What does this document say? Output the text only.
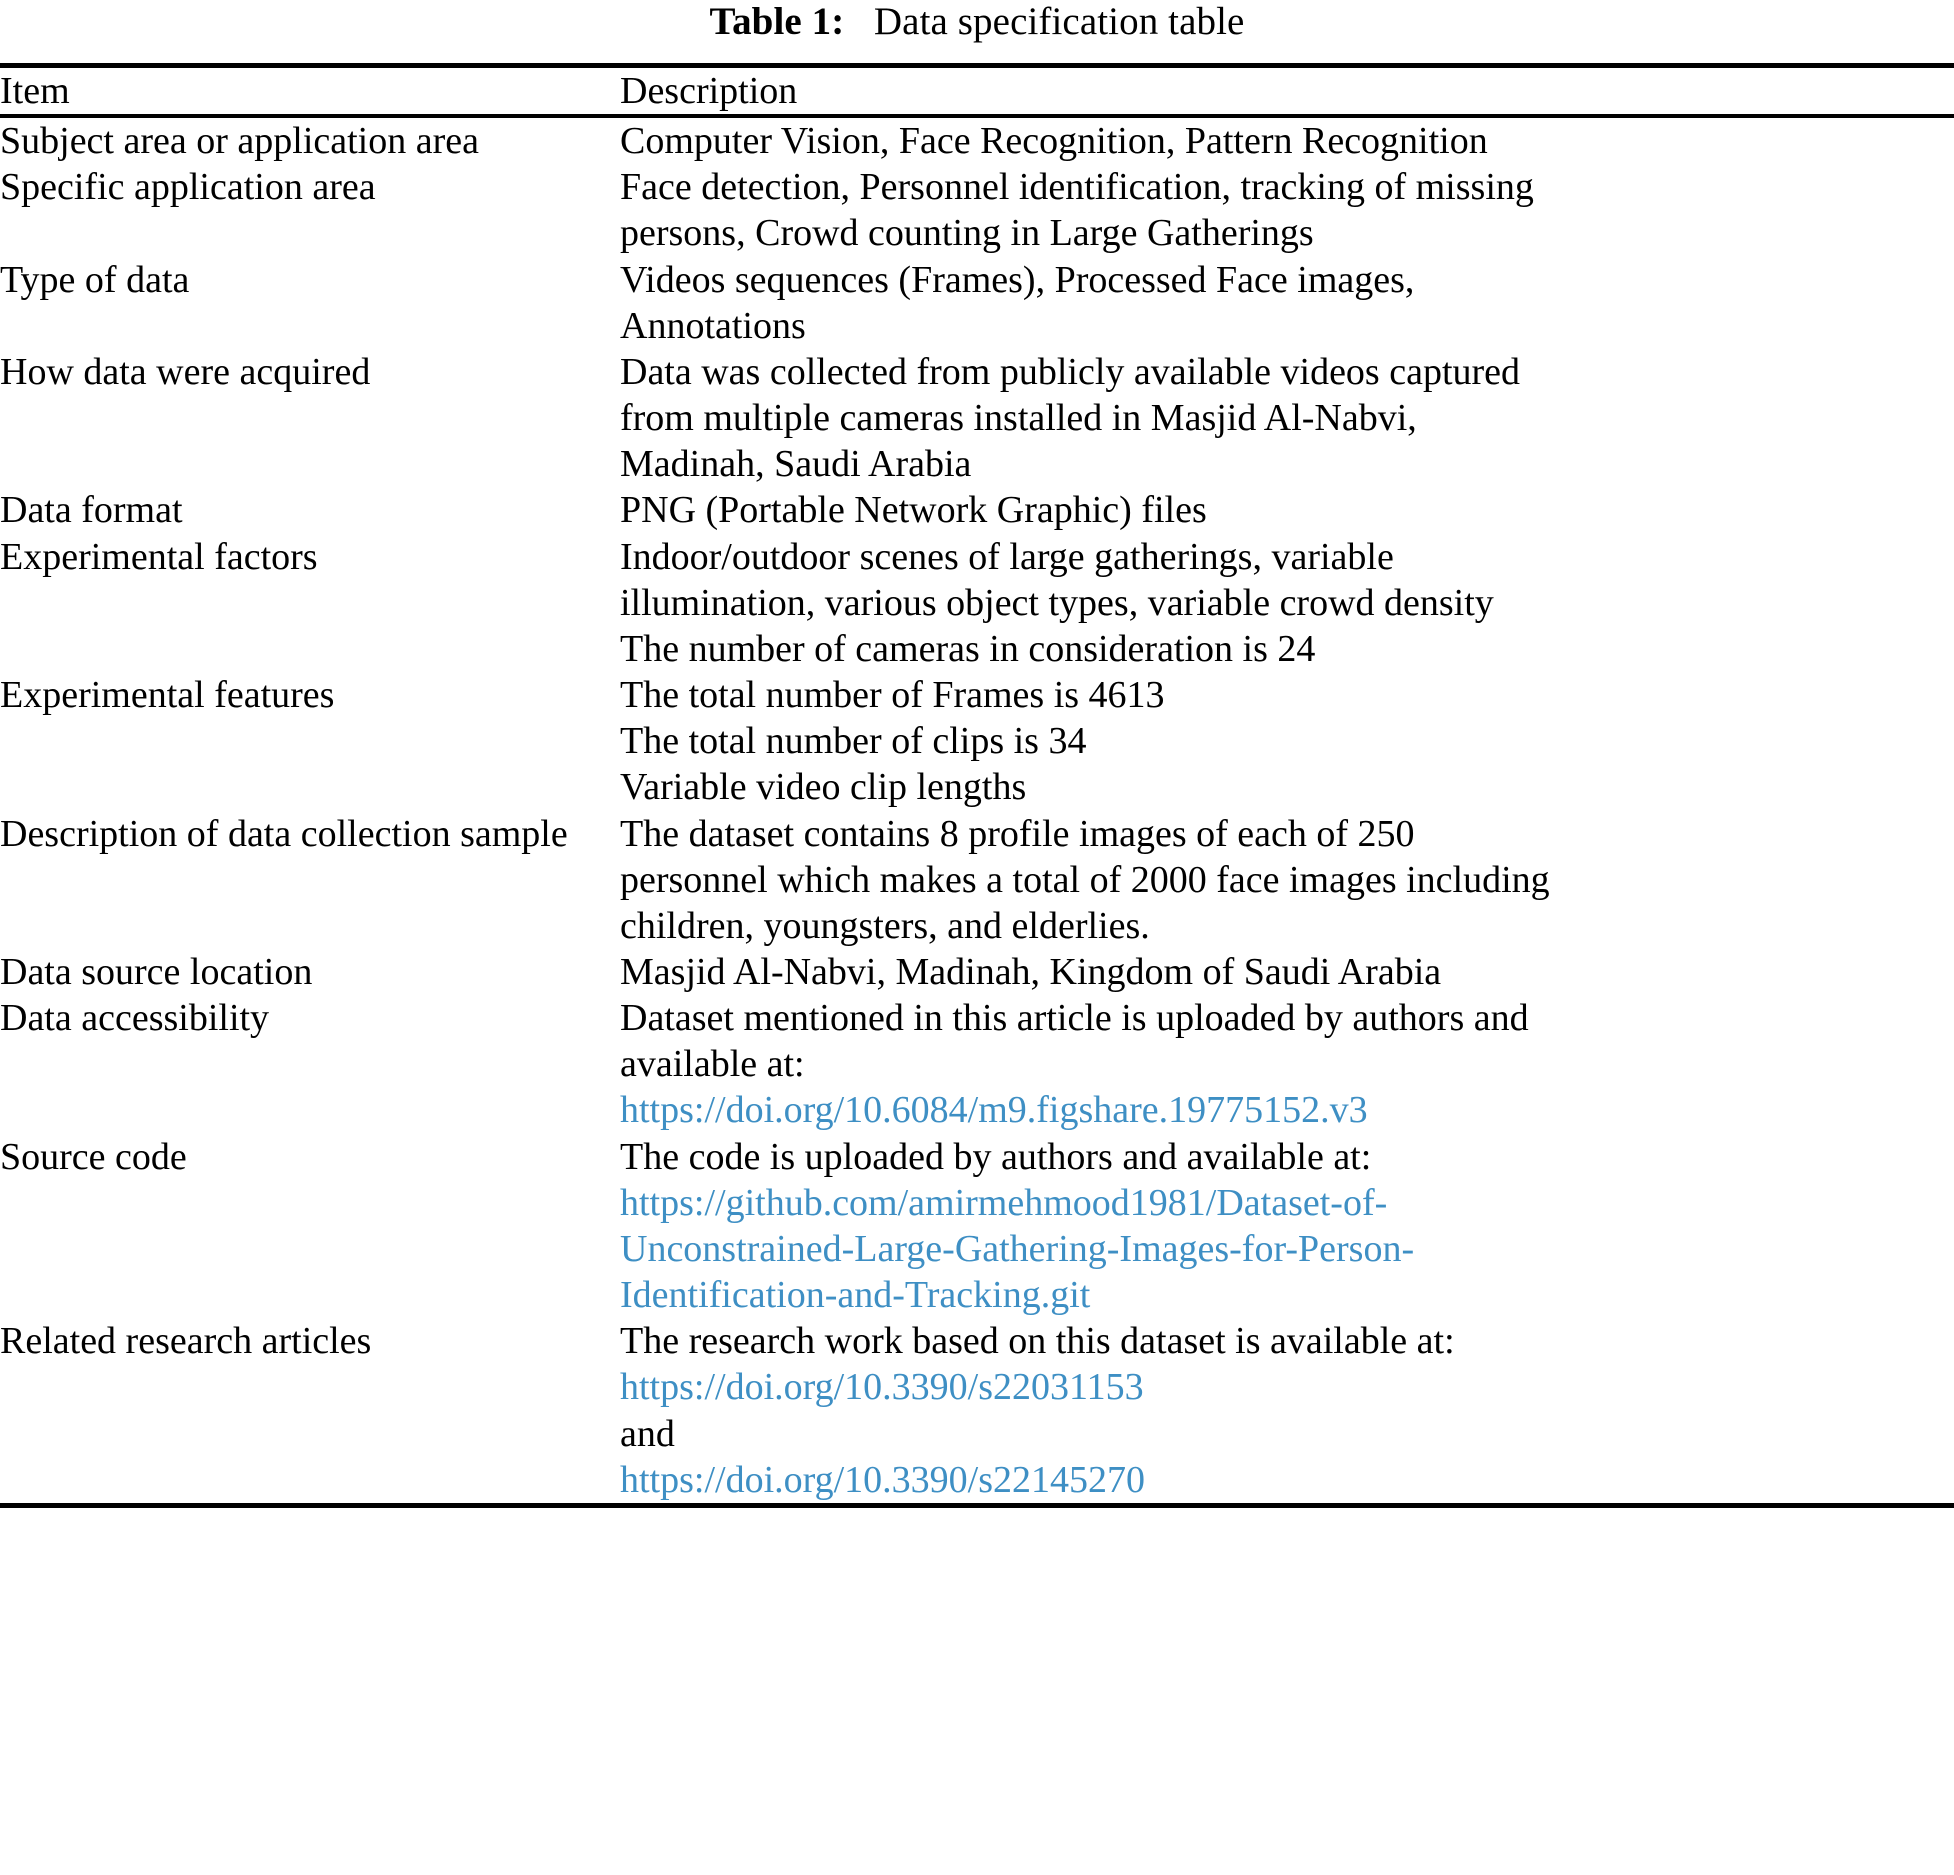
Table 1: Data specification table
Item	Description
Subject area or application area	Computer Vision, Face Recognition, Pattern Recognition

Specific application area	Face detection, Personnel identification, tracking of missing
persons, Crowd counting in Large Gatherings

Type of data	Videos sequences (Frames), Processed Face images,
Annotations

How data were acquired	Data was collected from publicly available videos captured
from multiple cameras installed in Masjid Al-Nabvi,
Madinah, Saudi Arabia

Data format	PNG (Portable Network Graphic) files

Experimental factors	Indoor/outdoor scenes of large gatherings, variable
illumination, various object types, variable crowd density
The number of cameras in consideration is 24

Experimental features	The total number of Frames is 4613
The total number of clips is 34
Variable video clip lengths

Description of data collection sample	The dataset contains 8 profile images of each of 250
personnel which makes a total of 2000 face images including
children, youngsters, and elderlies.

Data source location	Masjid Al-Nabvi, Madinah, Kingdom of Saudi Arabia

Data accessibility	Dataset mentioned in this article is uploaded by authors and
available at:
https://doi.org/10.6084/m9.figshare.19775152.v3

Source code	The code is uploaded by authors and available at:
https://github.com/amirmehmood1981/Dataset-of-
Unconstrained-Large-Gathering-Images-for-Person-
Identification-and-Tracking.git

Related research articles	The research work based on this dataset is available at:
https://doi.org/10.3390/s22031153
and
https://doi.org/10.3390/s22145270
